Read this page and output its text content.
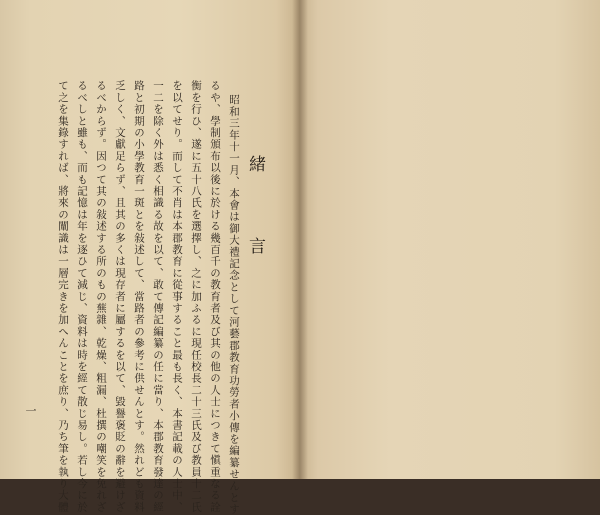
緒
言
昭和三年十一月、本會は御大禮記念として河藝郡教育功勞者小傳を編纂せんとす
るや、學制頒布以後に於ける幾百千の教育者及び其の他の人士につきて愼重なる詮
衡を行ひ、遂に五十八氏を選擇し、之に加ふるに現任校長二十三氏及び教員十二氏
を以てせり。而して不肖は本郡教育に從事すること最も長く、本書記載の人士中、
一二を除く外は悉く相識る故を以て、敢て傳記編纂の任に當り、本郡教育發達の經
路と初期の小學教育一斑とを敍述して、當路者の參考に供せんとす。然れども資料
乏しく、文獻足らず、且其の多くは現存者に屬するを以て、毀譽褒貶の辭を避けざ
るべからず。因つて其の敍述する所のもの蕪雜、乾燥、粗漏、杜撰の嘲笑を免れざ
るべしと雖も、而も記憶は年を逐ひて減じ、資料は時を經て散じ易し。若し今に於
て之を集錄すれば、將來の闡識は一層完きを加へんことを庶り、乃ち筆を執り大體
一
